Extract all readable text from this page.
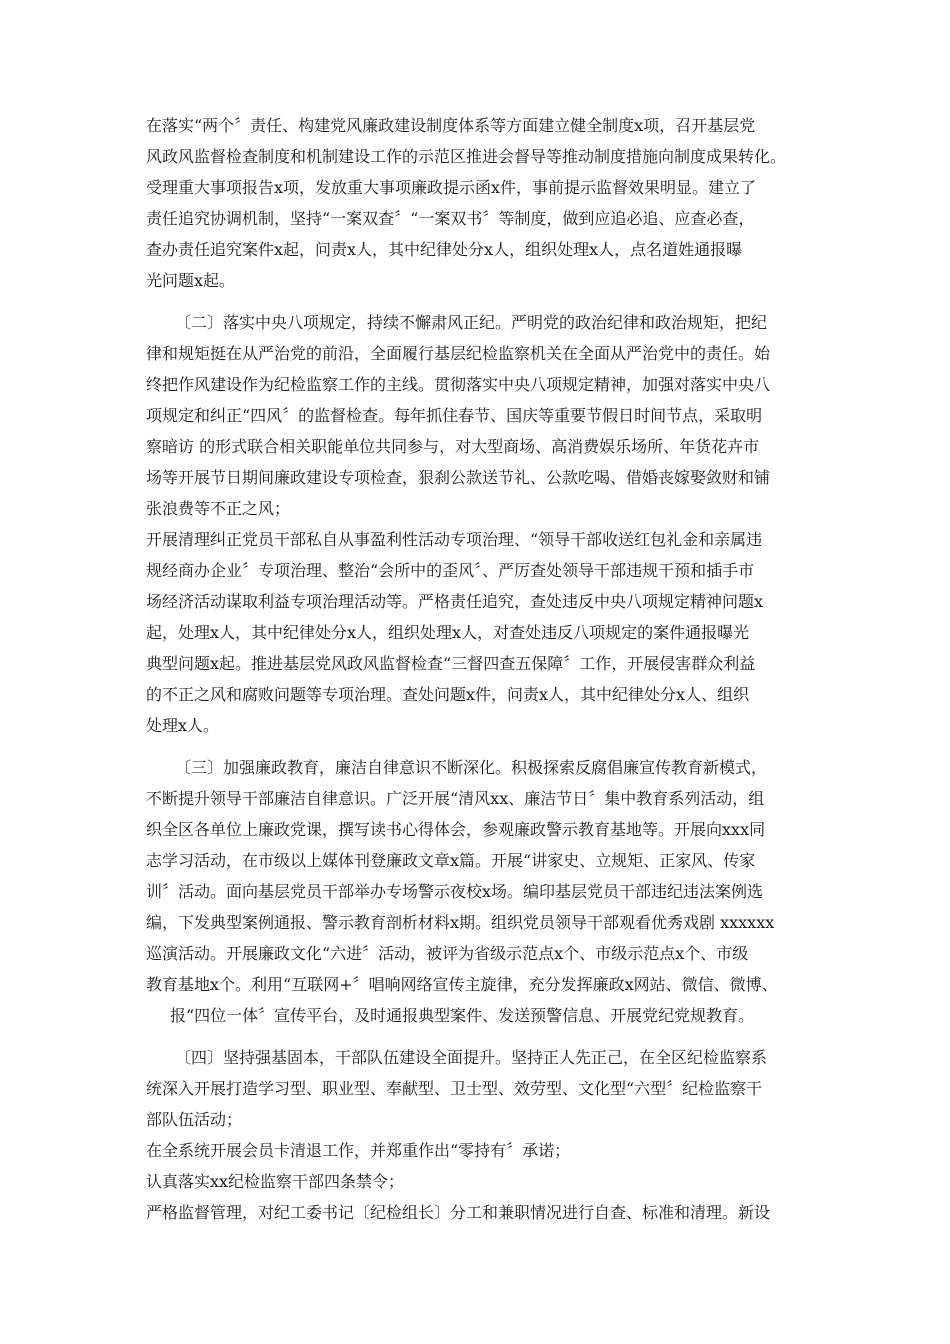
在落实“两个〞责任、构建党风廉政建设制度体系等方面建立健全制度x项，召开基层党
风政风监督检查制度和机制建设工作的示范区推进会督导等推动制度措施向制度成果转化。
受理重大事项报告x项，发放重大事项廉政提示函x件，事前提示监督效果明显。建立了
责任追究协调机制，坚持“一案双查〞“一案双书〞等制度，做到应追必追、应查必查，
查办责任追究案件x起，问责x人，其中纪律处分x人，组织处理x人，点名道姓通报曝
光问题x起。
〔二〕落实中央八项规定，持续不懈肃风正纪。严明党的政治纪律和政治规矩，把纪
律和规矩挺在从严治党的前沿，全面履行基层纪检监察机关在全面从严治党中的责任。始
终把作风建设作为纪检监察工作的主线。贯彻落实中央八项规定精神，加强对落实中央八
项规定和纠正“四风〞的监督检查。每年抓住春节、国庆等重要节假日时间节点，采取明
察暗访 的形式联合相关职能单位共同参与，对大型商场、高消费娱乐场所、年货花卉市
场等开展节日期间廉政建设专项检查，狠刹公款送节礼、公款吃喝、借婚丧嫁娶敛财和铺
张浪费等不正之风；
开展清理纠正党员干部私自从事盈利性活动专项治理、“领导干部收送红包礼金和亲属违
规经商办企业〞专项治理、整治“会所中的歪风〞、严厉查处领导干部违规干预和插手市
场经济活动谋取利益专项治理活动等。严格责任追究，查处违反中央八项规定精神问题x
起，处理x人，其中纪律处分x人，组织处理x人，对查处违反八项规定的案件通报曝光
典型问题x起。推进基层党风政风监督检查“三督四查五保障〞工作，开展侵害群众利益
的不正之风和腐败问题等专项治理。查处问题x件，问责x人，其中纪律处分x人、组织
处理x人。
〔三〕加强廉政教育，廉洁自律意识不断深化。积极探索反腐倡廉宣传教育新模式，
不断提升领导干部廉洁自律意识。广泛开展“清风xx、廉洁节日〞集中教育系列活动，组
织全区各单位上廉政党课，撰写读书心得体会，参观廉政警示教育基地等。开展向xxx同
志学习活动，在市级以上媒体刊登廉政文章x篇。开展“讲家史、立规矩、正家风、传家
训〞活动。面向基层党员干部举办专场警示夜校x场。编印基层党员干部违纪违法案例选
编，下发典型案例通报、警示教育剖析材料x期。组织党员领导干部观看优秀戏剧 xxxxxx
巡演活动。开展廉政文化“六进〞活动，被评为省级示范点x个、市级示范点x个、市级
教育基地x个。利用“互联网+〞唱响网络宣传主旋律，充分发挥廉政x网站、微信、微博、
报“四位一体〞宣传平台，及时通报典型案件、发送预警信息、开展党纪党规教育。
〔四〕坚持强基固本，干部队伍建设全面提升。坚持正人先正己，在全区纪检监察系
统深入开展打造学习型、职业型、奉献型、卫士型、效劳型、文化型“六型〞纪检监察干
部队伍活动；
在全系统开展会员卡清退工作，并郑重作出“零持有〞承诺；
认真落实xx纪检监察干部四条禁令；
严格监督管理，对纪工委书记〔纪检组长〕分工和兼职情况进行自查、标准和清理。新设
